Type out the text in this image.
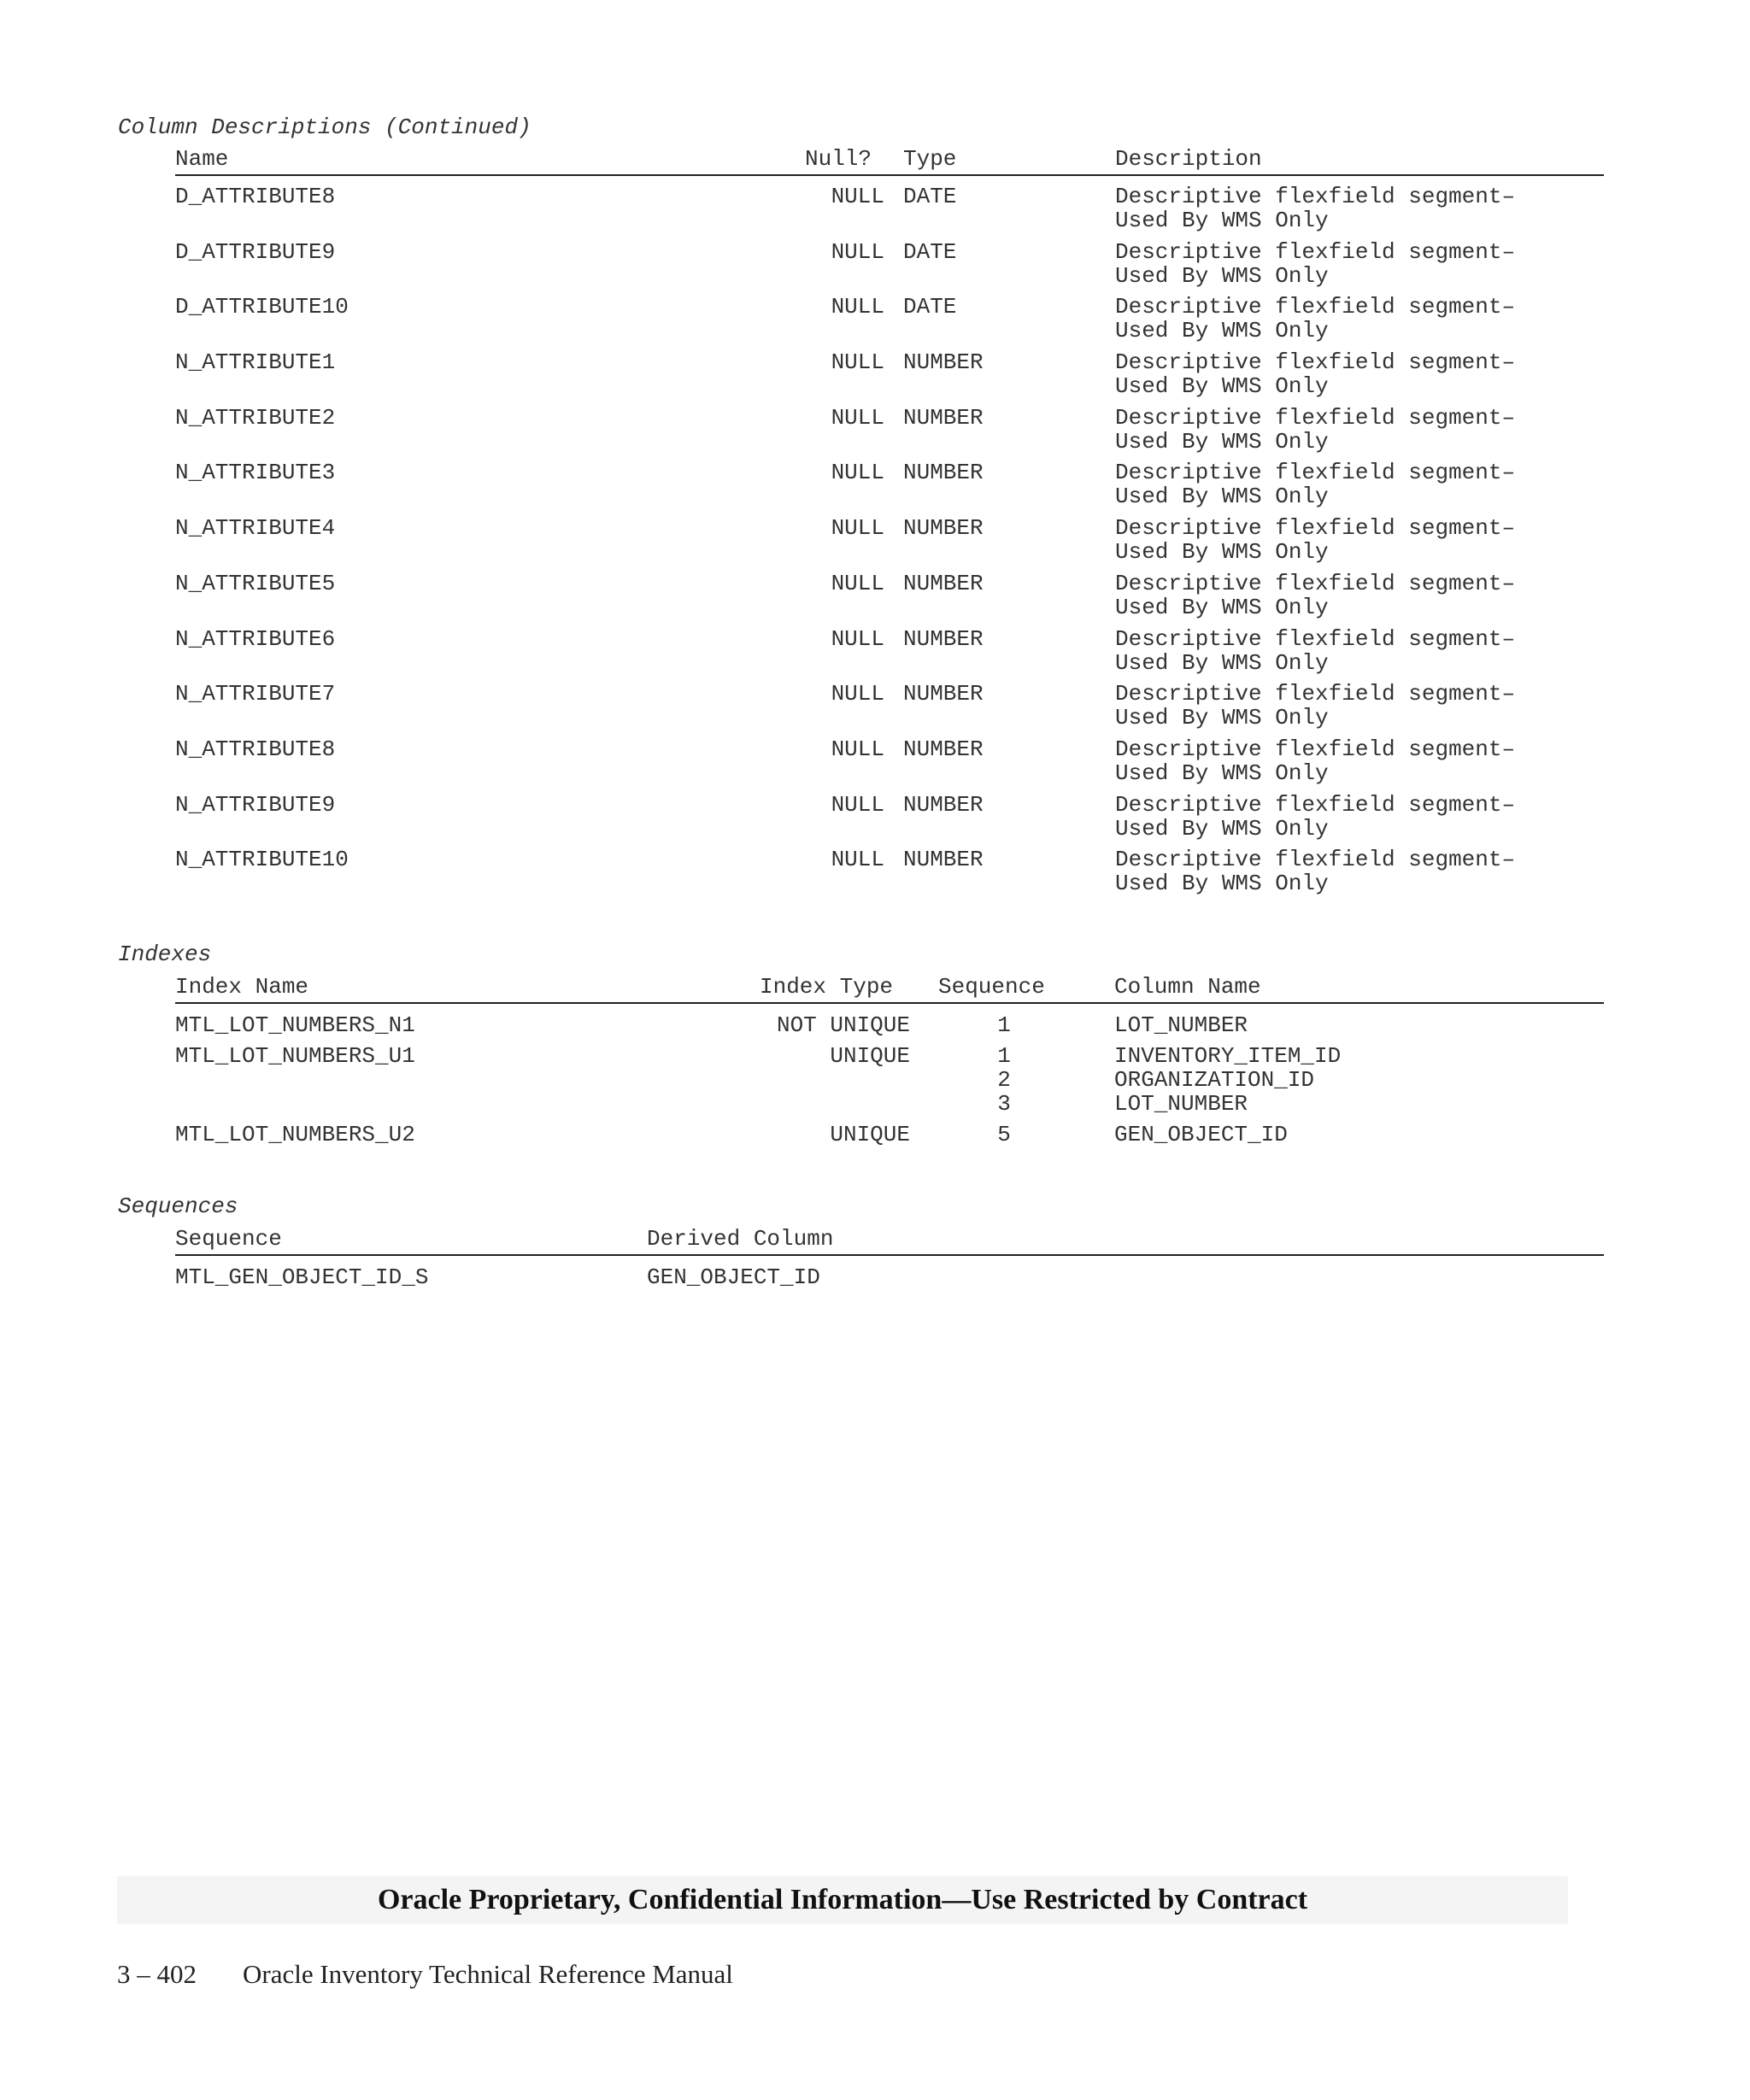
Column Descriptions (Continued)
Name	Null? Type	Description
D_ATTRIBUTE8	NULL DATE	Descriptive flexfield segment–
Used By WMS Only
D_ATTRIBUTE9	NULL DATE	Descriptive flexfield segment–
Used By WMS Only
D_ATTRIBUTE10	NULL DATE	Descriptive flexfield segment–
Used By WMS Only
N_ATTRIBUTE1	NULL NUMBER	Descriptive flexfield segment–
Used By WMS Only
N_ATTRIBUTE2	NULL NUMBER	Descriptive flexfield segment–
Used By WMS Only
N_ATTRIBUTE3	NULL NUMBER	Descriptive flexfield segment–
Used By WMS Only
N_ATTRIBUTE4	NULL NUMBER	Descriptive flexfield segment–
Used By WMS Only
N_ATTRIBUTE5	NULL NUMBER	Descriptive flexfield segment–
Used By WMS Only
N_ATTRIBUTE6	NULL NUMBER	Descriptive flexfield segment–
Used By WMS Only
N_ATTRIBUTE7	NULL NUMBER	Descriptive flexfield segment–
Used By WMS Only
N_ATTRIBUTE8	NULL NUMBER	Descriptive flexfield segment–
Used By WMS Only
N_ATTRIBUTE9	NULL NUMBER	Descriptive flexfield segment–
Used By WMS Only
N_ATTRIBUTE10	NULL NUMBER	Descriptive flexfield segment–
Used By WMS Only
Indexes
Index Name	Index Type Sequence	Column Name
MTL_LOT_NUMBERS_N1	NOT UNIQUE	1	LOT_NUMBER
MTL_LOT_NUMBERS_U1	UNIQUE	1	INVENTORY_ITEM_ID
2	ORGANIZATION_ID
3	LOT_NUMBER
MTL_LOT_NUMBERS_U2	UNIQUE	5	GEN_OBJECT_ID
Sequences
Sequence	Derived Column
MTL_GEN_OBJECT_ID_S	GEN_OBJECT_ID
Oracle Proprietary, Confidential Information––Use Restricted by Contract
3 – 402 Oracle Inventory Technical Reference Manual
